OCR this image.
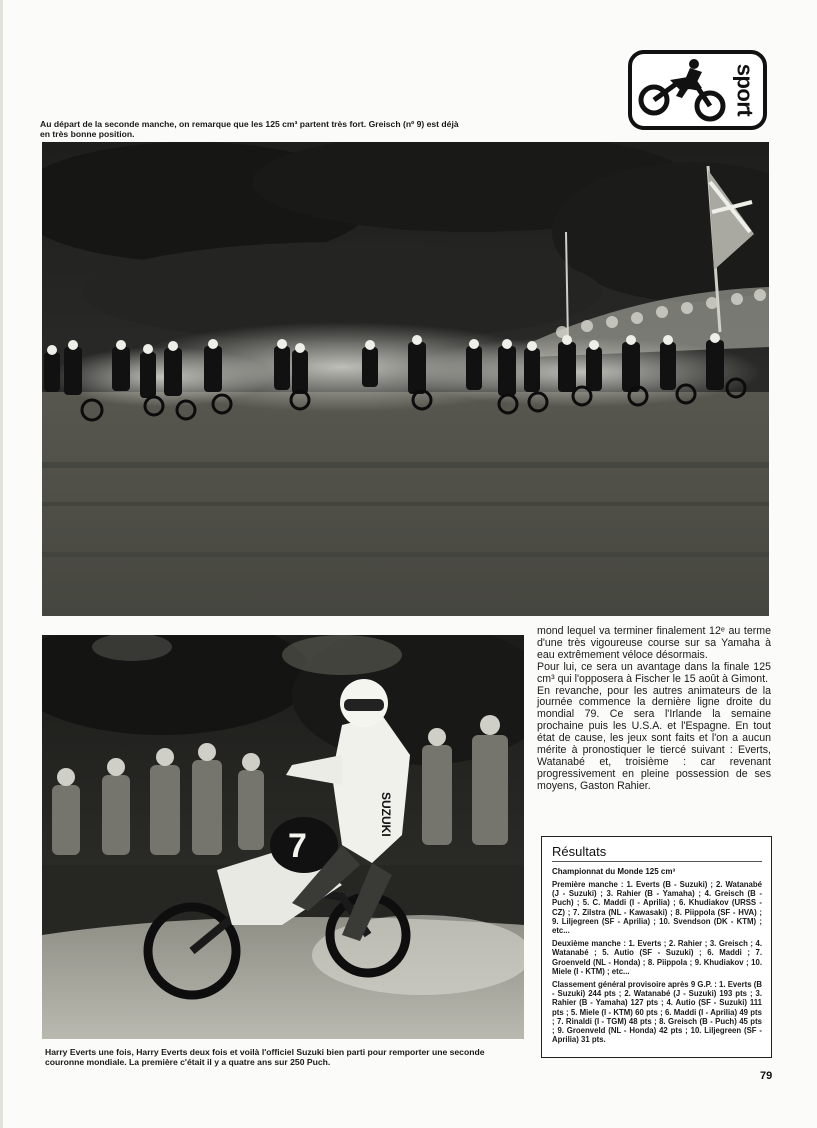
sport
Au départ de la seconde manche, on remarque que les 125 cm³ partent très fort. Greisch (nº 9) est déjà en très bonne position.
SUZUKI
7

mond lequel va terminer finalement 12ᵉ au terme d'une très vigoureuse course sur sa Yamaha à eau extrêmement véloce désormais.

Pour lui, ce sera un avantage dans la finale 125 cm³ qui l'opposera à Fischer le 15 août à Gimont.

En revanche, pour les autres animateurs de la journée commence la dernière ligne droite du mondial 79. Ce sera l'Irlande la semaine prochaine puis les U.S.A. et l'Espagne. En tout état de cause, les jeux sont faits et l'on a aucun mérite à pronostiquer le tiercé suivant : Everts, Watanabé et, troisième : car revenant progressivement en pleine possession de ses moyens, Gaston Rahier.

Résultats
Championnat du Monde 125 cm³
Première manche : 1. Everts (B - Suzuki) ; 2. Watanabé (J - Suzuki) ; 3. Rahier (B - Yamaha) ; 4. Greisch (B - Puch) ; 5. C. Maddi (I - Aprilia) ; 6. Khudiakov (URSS - CZ) ; 7. Zilstra (NL - Kawasaki) ; 8. Piippola (SF - HVA) ; 9. Liljegreen (SF - Aprilia) ; 10. Svendson (DK - KTM) ; etc...
Deuxième manche : 1. Everts ; 2. Rahier ; 3. Greisch ; 4. Watanabé ; 5. Autio (SF - Suzuki) ; 6. Maddi ; 7. Groenveld (NL - Honda) ; 8. Piippola ; 9. Khudiakov ; 10. Miele (I - KTM) ; etc...
Classement général provisoire après 9 G.P. : 1. Everts (B - Suzuki) 244 pts ; 2. Watanabé (J - Suzuki) 193 pts ; 3. Rahier (B - Yamaha) 127 pts ; 4. Autio (SF - Suzuki) 111 pts ; 5. Miele (I - KTM) 60 pts ; 6. Maddi (I - Aprilia) 49 pts ; 7. Rinaldi (I - TGM) 48 pts ; 8. Greisch (B - Puch) 45 pts ; 9. Groenveld (NL - Honda) 42 pts ; 10. Liljegreen (SF - Aprilia) 31 pts.
Harry Everts une fois, Harry Everts deux fois et voilà l'officiel Suzuki bien parti pour remporter une seconde couronne mondiale. La première c'était il y a quatre ans sur 250 Puch.
79
